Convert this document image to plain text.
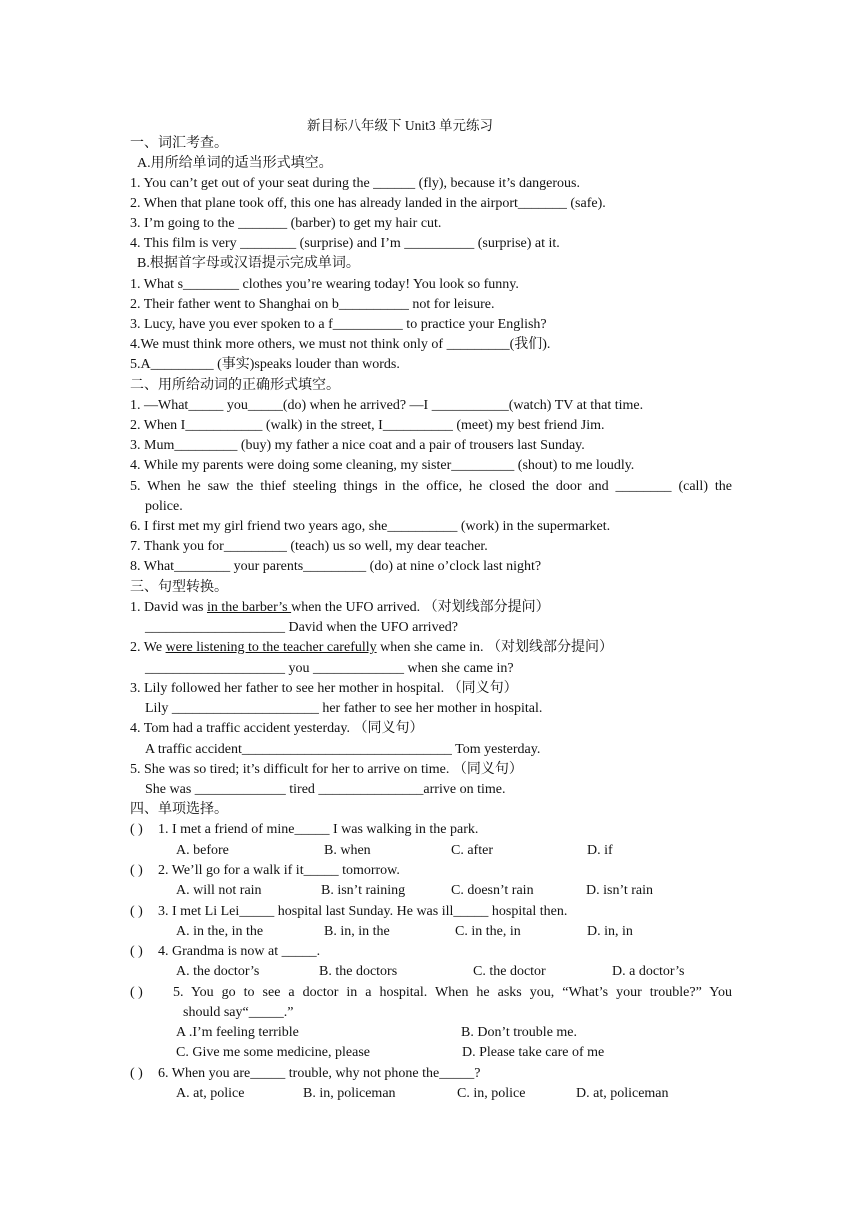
新目标八年级下 Unit3 单元练习
一、词汇考查。
A.用所给单词的适当形式填空。
1. You can’t get out of your seat during the ______ (fly), because it’s dangerous.
2. When that plane took off, this one has already landed in the airport_______ (safe).
3. I’m going to the _______ (barber) to get my hair cut.
4. This film is very ________ (surprise) and I’m __________ (surprise) at it.
B.根据首字母或汉语提示完成单词。
1. What s________ clothes you’re wearing today! You look so funny.
2. Their father went to Shanghai on b__________ not for leisure.
3. Lucy, have you ever spoken to a f__________ to practice your English?
4.We must think more others, we must not think only of _________(我们).
5.A_________ (事实)speaks louder than words.
二、用所给动词的正确形式填空。
1. —What_____ you_____(do) when he arrived? —I ___________(watch) TV at that time.
2. When I___________ (walk) in the street, I__________ (meet) my best friend Jim.
3. Mum_________ (buy) my father a nice coat and a pair of trousers last Sunday.
4. While my parents were doing some cleaning, my sister_________ (shout) to me loudly.
5. When he saw the thief steeling things in the office, he closed the door and ________ (call) the
police.
6. I first met my girl friend two years ago, she__________ (work) in the supermarket.
7. Thank you for_________ (teach) us so well, my dear teacher.
8. What________ your parents_________ (do) at nine o’clock last night?
三、句型转换。
1. David was in the barber’s when the UFO arrived. （对划线部分提问）
____________________ David when the UFO arrived?
2. We were listening to the teacher carefully when she came in. （对划线部分提问）
____________________ you _____________ when she came in?
3. Lily followed her father to see her mother in hospital. （同义句）
Lily _____________________ her father to see her mother in hospital.
4. Tom had a traffic accident yesterday. （同义句）
A traffic accident______________________________ Tom yesterday.
5. She was so tired; it’s difficult for her to arrive on time. （同义句）
She was _____________ tired _______________arrive on time.
四、单项选择。
( ) 1. I met a friend of mine_____ I was walking in the park.
A. before	B. when	C. after	D. if
( ) 2. We’ll go for a walk if it_____ tomorrow.
A. will not rain	B. isn’t raining	C. doesn’t rain	D. isn’t rain
( ) 3. I met Li Lei_____ hospital last Sunday. He was ill_____ hospital then.
A. in the, in the	B. in, in the	C. in the, in	D. in, in
( ) 4. Grandma is now at _____.
A. the doctor’s	B. the doctors	C. the doctor	D. a doctor’s
( ) 5. You go to see a doctor in a hospital. When he asks you, “What’s your trouble?” You
should say“_____.”
A .I’m feeling terrible	B. Don’t trouble me.
C. Give me some medicine, please	D. Please take care of me
( ) 6. When you are_____ trouble, why not phone the_____?
A. at, police	B. in, policeman	C. in, police	D. at, policeman
